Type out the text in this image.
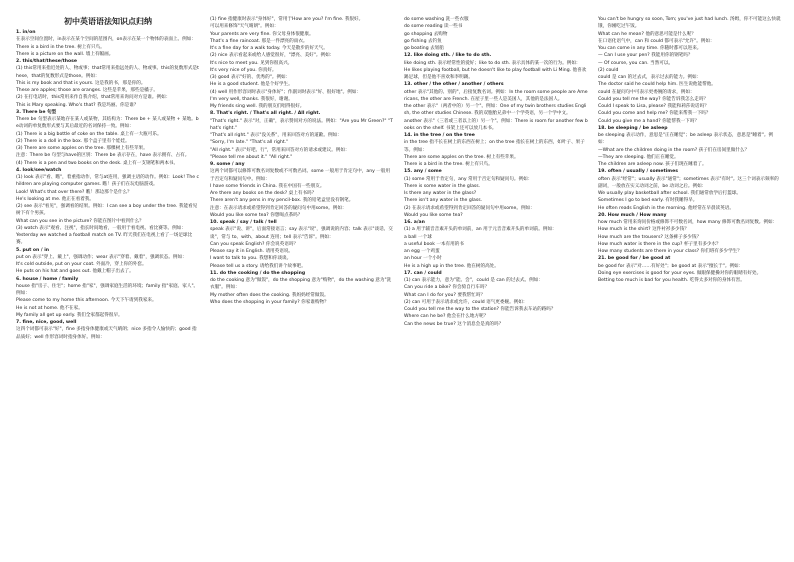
初中英语语法知识点归纳

1. in/on

在表示空间位置时，in表示在某个空间的范围内，on表示在某一个物体的表面上。例如：

There is a bird in the tree. 树上有只鸟。

There is a picture on the wall. 墙上有幅画。

2. this/that/these/those

(1) this常用来指近处的人、物或事；that常用来指远处的人、物或事。this的复数形式是these，that的复数形式是those。例如：

This is my book and that is yours. 这是我的书，那是你的。

These are apples; those are oranges. 这些是苹果，那些是橘子。

(2) 在打电话时，this常用来作自我介绍，that常用来询问对方是谁。例如：

This is Mary speaking. Who's that? 我是玛丽。你是谁？

3. There be 句型

There be 句型表示某地存在某人或某物，其结构为：There be + 某人或某物 + 某地。be动词的单复数形式要与其后最近的名词保持一致。例如：

(1) There is a big bottle of coke on the table. 桌上有一大瓶可乐。

(2) There is a doll in the box. 那个盒子里有个娃娃。

(3) There are some apples on the tree. 那棵树上有些苹果。

注意：There be 句型与have的区别：There be 表示存在，have 表示拥有、占有。

(4) There is a pen and two books on the desk. 桌上有一支钢笔和两本书。

4. look/see/watch

(1) look 表示"看、瞧"，着重指动作，常与at连用，强调主语的动作。例如：Look! The children are playing computer games. 瞧！孩子们在玩电脑游戏。

Look! What's that over there? 瞧！那边那个是什么？

He's looking at me. 他正在看着我。

(2) see 表示"看见"，强调看的结果。例如：I can see a boy under the tree. 我能看见树下有个男孩。

What can you see in the picture? 你能在图片中看到什么？

(3) watch 表示"观看、注视"，指长时间地看，一般用于看电视、看比赛等。例如：

Yesterday we watched a football match on TV. 昨天我们在电视上看了一场足球比赛。

5. put on / in

put on 表示"穿上、戴上"，强调动作；wear 表示"穿着、戴着"，强调状态。例如：

It's cold outside, put on your coat. 外面冷，穿上你的外套。

He puts on his hat and goes out. 他戴上帽子出去了。

6. house / home / family

house 指"房子、住宅"；home 指"家"，强调家庭生活的环境；family 指"家庭、家人"。例如：

Please come to my home this afternoon. 今天下午请到我家来。

He is not at home. 他不在家。

My family all get up early. 我们全家都起得很早。

7. fine, nice, good, well

这四个词都可表示"好"，fine 多指身体健康或天气晴朗；nice 多指令人愉快的；good 指品质好；well 作形容词时指身体好。例如：

(1) fine 指健康时表示"身体好"，常用于How are you? I'm fine. 我很好。

可以用来修饰"天气晴朗"。例如：

Your parents are very fine. 你父母身体很健康。

That's a fine raincoat. 那是一件漂亮的雨衣。

It's a fine day for a walk today. 今天是散步的好天气。

(2) nice 表示看起来或给人感觉很好，"漂亮、美好"。例如：

It's nice to meet you. 见到你很高兴。

It's very nice of you. 你真好。

(3) good 表示"好的、优秀的"。例如：

He is a good student. 他是个好学生。

(4) well 用作形容词时表示"身体好"；作副词时表示"好、很好地"。例如：

I'm very well, thanks. 我很好，谢谢。

My friends sing well. 我的朋友们唱得很好。

8. That's right. / That's all right. / All right.

"That's right." 表示"对，正确"，表示赞同对方的说法。例如："Are you Mr Green?" "That's right."

"That's all right." 表示"没关系"，用来回答对方的道歉。例如：

"Sorry, I'm late." "That's all right."

"All right." 表示"好吧、行"，常用来回答对方的请求或建议。例如：

"Please tell me about it." "All right."

9. some / any

这两个词都可以修饰可数名词复数或不可数名词。some 一般用于肯定句中，any 一般用于否定句和疑问句中。例如：

I have some friends in China. 我在中国有一些朋友。

Are there any books on the desk? 桌上有书吗？

There aren't any pens in my pencil-box. 我的铅笔盒里没有钢笔。

注意：在表示请求或希望得到肯定回答的疑问句中用some。例如：

Would you like some tea? 你想喝点茶吗？

10. speak / say / talk / tell

speak 表示"说、讲"，后面常接语言；say 表示"说"，强调说的内容；talk 表示"谈话、交谈"，常与 to、with、about 连用；tell 表示"告诉"。例如：

Can you speak English? 你会说英语吗？

Please say it in English. 请用英语说。

I want to talk to you. 我想和你谈谈。

Please tell us a story. 请给我们讲个故事吧。

11. do the cooking / do the shopping

do the cooking 意为"做饭"，do the shopping 意为"购物"，do the washing 意为"洗衣服"。例如：

My mother often does the cooking. 我妈妈经常做饭。

Who does the shopping in your family? 你家谁购物？

do some washing 洗一些衣服

do some reading 读一些书

go shopping 去购物

go fishing 去钓鱼

go boating 去划船

12. like doing sth. / like to do sth.

like doing sth. 表示经常性的爱好；like to do sth. 表示具体的某一次的行为。例如：

He likes playing football, but he doesn't like to play football with Li Ming. 他喜欢踢足球，但是他不喜欢和李明踢。

13. other / the other / another / others

other 表示"其他的、别的"，后接复数名词。例如：In the room some people are Americans, the other are French. 在屋子里一些人是美国人，其他的是法国人。

the other 表示"（两者中的）另一个"。例如：One of my twin brothers studies English, the other studies Chinese. 我的双胞胎兄弟中一个学英语，另一个学中文。

another 表示"（三者或三者以上的）另一个"。例如：There is room for another few books on the shelf. 书架上还可以放几本书。

14. in the tree / on the tree

in the tree 指不长在树上的东西在树上；on the tree 指长在树上的东西，如叶子、果子等。例如：

There are some apples on the tree. 树上有些苹果。

There is a bird in the tree. 树上有只鸟。

15. any / some

(1) some 常用于肯定句，any 常用于否定句和疑问句。例如：

There is some water in the glass.

Is there any water in the glass?

There isn't any water in the glass.

(2) 在表示请求或希望得到肯定回答的疑问句中用some。例如：

Would you like some tea?

16. a/an

(1) a 用于辅音音素开头的单词前，an 用于元音音素开头的单词前。例如：

a ball 一个球

a useful book 一本有用的书

an egg 一个鸡蛋

an hour 一个小时

He is a high up in the tree. 他在树的高处。

17. can / could

(1) can 表示能力，意为"能、会"，could 是 can 的过去式。例如：

Can you ride a bike? 你会骑自行车吗？

What can I do for you? 要我帮忙吗？

(2) can 可用于表示请求或允许，could 语气更委婉。例如：

Could you tell me the way to the station? 你能告诉我去车站的路吗？

Where can he be? 他会在什么地方呢？

Can the news be true? 这个消息会是真的吗？

You can't be hungry so soon, Tom; you've just had lunch. 汤姆，你不可能这么快就饿，你刚吃过午饭。

What can he mean? 他的意思可能是什么呢？

在口语化语气中，can 和 could 都可表示"允许"。例如：

You can come in any time. 你随时都可以进来。

— Can I use your pen? 我能用你的钢笔吗？

— Of course, you can. 当然可以。

(2) could

could 是 can 的过去式，表示过去的能力。例如：

The doctor said he could help him. 医生说他能帮他。

could 在疑问句中可表示更委婉的请求，例如：

Could you tell me the way? 你能告诉我怎么走吗？

Could I speak to Lisa, please? 我能和莉莎说话吗？

Could you come and help me? 你能来帮我一下吗？

Could you give me a hand? 你能帮我一下吗？

18. be sleeping / be asleep

be sleeping 表示动作，意思是"正在睡觉"；be asleep 表示状态，意思是"睡着"。例如：

—What are the children doing in the room? 孩子们在房间里做什么？

—They are sleeping. 他们正在睡觉。

The children are asleep now. 孩子们现在睡着了。

19. often / usually / sometimes

often 表示"经常"；usually 表示"通常"；sometimes 表示"有时"。这三个词表示频率的副词，一般放在实义动词之前，be 动词之后。例如：

We usually play basketball after school. 我们通常放学后打篮球。

Sometimes I go to bed early. 有时我睡得早。

He often reads English in the morning. 他经常在早晨读英语。

20. How much / How many

how much 常用来询问价格或修饰不可数名词，how many 修饰可数名词复数。例如：

How much is the shirt? 这件衬衫多少钱？

How much are the trousers? 这条裤子多少钱？

How much water is there in the cup? 杯子里有多少水？

How many students are there in your class? 你们班有多少学生？

21. be good for / be good at

be good for 表示"对……有好处"；be good at 表示"擅长于"。例如：

Doing eye exercises is good for your eyes. 做眼保健操对你的眼睛有好处。

Betting too much is bad for you health. 吃得太多对你的身体有害。
